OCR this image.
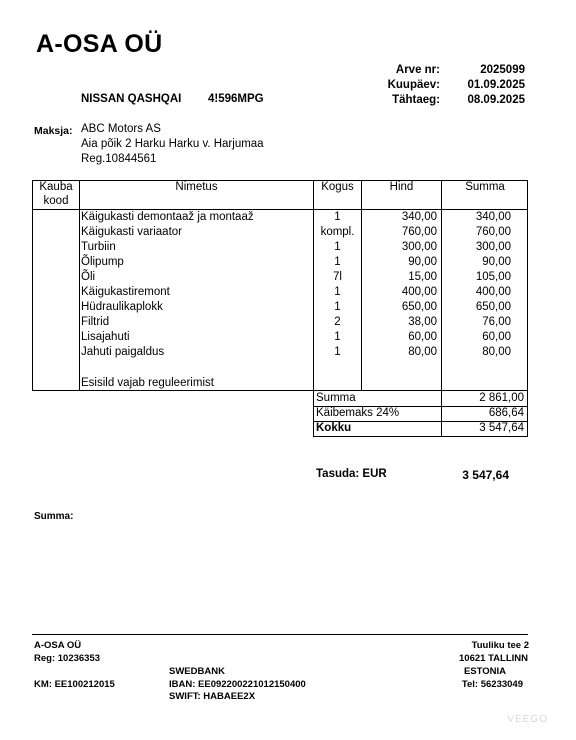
A-OSA OÜ
Arve nr:	2025099
Kuupäev:	01.09.2025
Tähtaeg:	08.09.2025
NISSAN QASHQAI 4!596MPG
Maksja: ABC Motors AS
Aia põik 2 Harku Harku v. Harjumaa
Reg.10844561
Kauba
kood
Nimetus	Kogus	Hind	Summa
Käigukasti demontaaž ja montaaž	1	340,00	340,00
Käigukasti variaator	kompl.	760,00	760,00
Turbiin	1	300,00	300,00
Õlipump	1	90,00	90,00
Õli	7l	15,00	105,00
Käigukastiremont	1	400,00	400,00
Hüdraulikaplokk	1	650,00	650,00
Filtrid	2	38,00	76,00
Lisajahuti	1	60,00	60,00
Jahuti paigaldus	1	80,00	80,00
Esisild vajab reguleerimist
Summa	2 861,00
Käibemaks 24%	686,64
Kokku	3 547,64
Tasuda: EUR	3 547,64
Summa:
A-OSA OÜ
Reg: 10236353
KM: EE100212015
SWEDBANK
IBAN: EE092200221012150400
SWIFT: HABAEE2X
Tuuliku tee 2
10621 TALLINN
ESTONIA
Tel: 56233049
VEEGO
